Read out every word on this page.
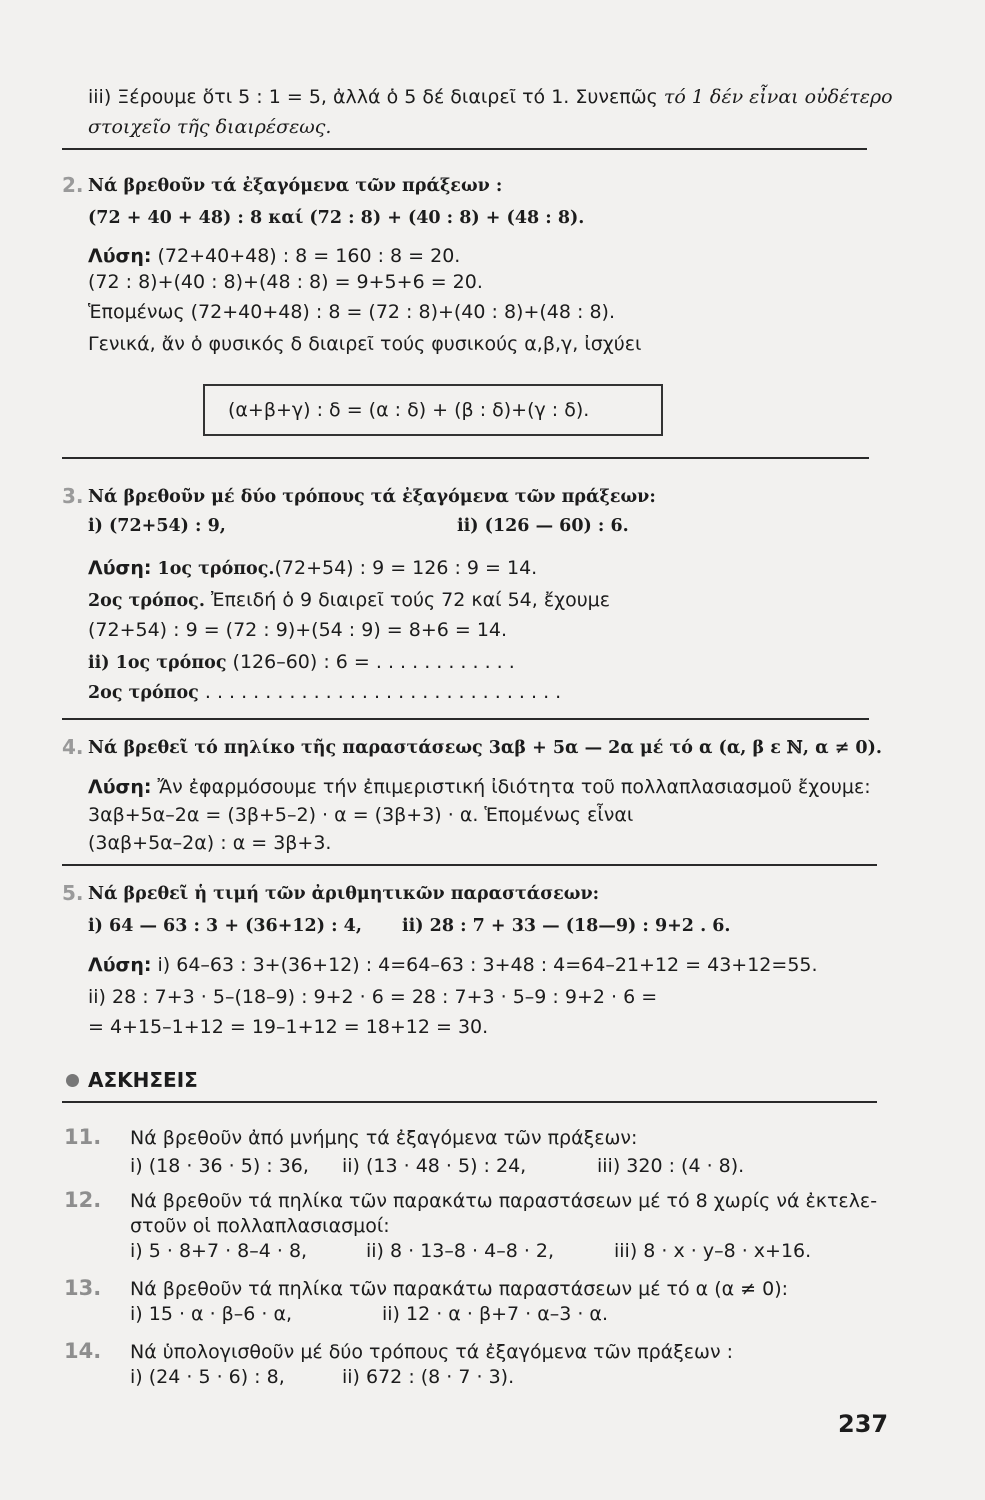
iii) Ξέρουμε ὅτι 5 : 1 = 5, ἀλλά ὁ 5 δέ διαιρεῖ τό 1. Συνεπῶς τό 1 δέν εἶναι οὐδέτερο
στοιχεῖο τῆς διαιρέσεως.
2. Νά βρεθοῦν τά ἐξαγόμενα τῶν πράξεων :
(72 + 40 + 48) : 8 καί (72 : 8) + (40 : 8) + (48 : 8).
Λύση: (72+40+48) : 8 = 160 : 8 = 20.
(72 : 8)+(40 : 8)+(48 : 8) = 9+5+6 = 20.
Ἑπομένως (72+40+48) : 8 = (72 : 8)+(40 : 8)+(48 : 8).
Γενικά, ἄν ὁ φυσικός δ διαιρεῖ τούς φυσικούς α,β,γ, ἰσχύει
(α+β+γ) : δ = (α : δ) + (β : δ)+(γ : δ).
3. Νά βρεθοῦν μέ δύο τρόπους τά ἐξαγόμενα τῶν πράξεων:
i) (72+54) : 9,	ii) (126 — 60) : 6.
Λύση: 1ος τρόπος.(72+54) : 9 = 126 : 9 = 14.
2ος τρόπος. Ἐπειδή ὁ 9 διαιρεῖ τούς 72 καί 54, ἔχουμε
(72+54) : 9 = (72 : 9)+(54 : 9) = 8+6 = 14.
ii) 1ος τρόπος (126–60) : 6 = . . . . . . . . . . . .
2ος τρόπος . . . . . . . . . . . . . . . . . . . . . . . . . . . . . .
4. Νά βρεθεῖ τό πηλίκο τῆς παραστάσεως 3αβ + 5α — 2α μέ τό α (α, β ε ℕ, α ≠ 0).
Λύση: Ἄν ἐφαρμόσουμε τήν ἐπιμεριστική ἰδιότητα τοῦ πολλαπλασιασμοῦ ἔχουμε:
3αβ+5α–2α = (3β+5–2) · α = (3β+3) · α. Ἑπομένως εἶναι
(3αβ+5α–2α) : α = 3β+3.
5. Νά βρεθεῖ ἡ τιμή τῶν ἀριθμητικῶν παραστάσεων:
i) 64 — 63 : 3 + (36+12) : 4, ii) 28 : 7 + 33 — (18—9) : 9+2 . 6.
Λύση: i) 64–63 : 3+(36+12) : 4=64–63 : 3+48 : 4=64–21+12 = 43+12=55.
ii) 28 : 7+3 · 5–(18–9) : 9+2 · 6 = 28 : 7+3 · 5–9 : 9+2 · 6 =
= 4+15–1+12 = 19–1+12 = 18+12 = 30.
ΑΣΚΗΣΕΙΣ
11. Νά βρεθοῦν ἀπό μνήμης τά ἐξαγόμενα τῶν πράξεων:
i) (18 · 36 · 5) : 36, ii) (13 · 48 · 5) : 24,	iii) 320 : (4 · 8).
12. Νά βρεθοῦν τά πηλίκα τῶν παρακάτω παραστάσεων μέ τό 8 χωρίς νά ἐκτελε-
στοῦν οἱ πολλαπλασιασμοί:
i) 5 · 8+7 · 8–4 · 8,	ii) 8 · 13–8 · 4–8 · 2,	iii) 8 · x · y–8 · x+16.
13. Νά βρεθοῦν τά πηλίκα τῶν παρακάτω παραστάσεων μέ τό α (α ≠ 0):
i) 15 · α · β–6 · α,	ii) 12 · α · β+7 · α–3 · α.
14. Νά ὑπολογισθοῦν μέ δύο τρόπους τά ἐξαγόμενα τῶν πράξεων :
i) (24 · 5 · 6) : 8,	ii) 672 : (8 · 7 · 3).
237
